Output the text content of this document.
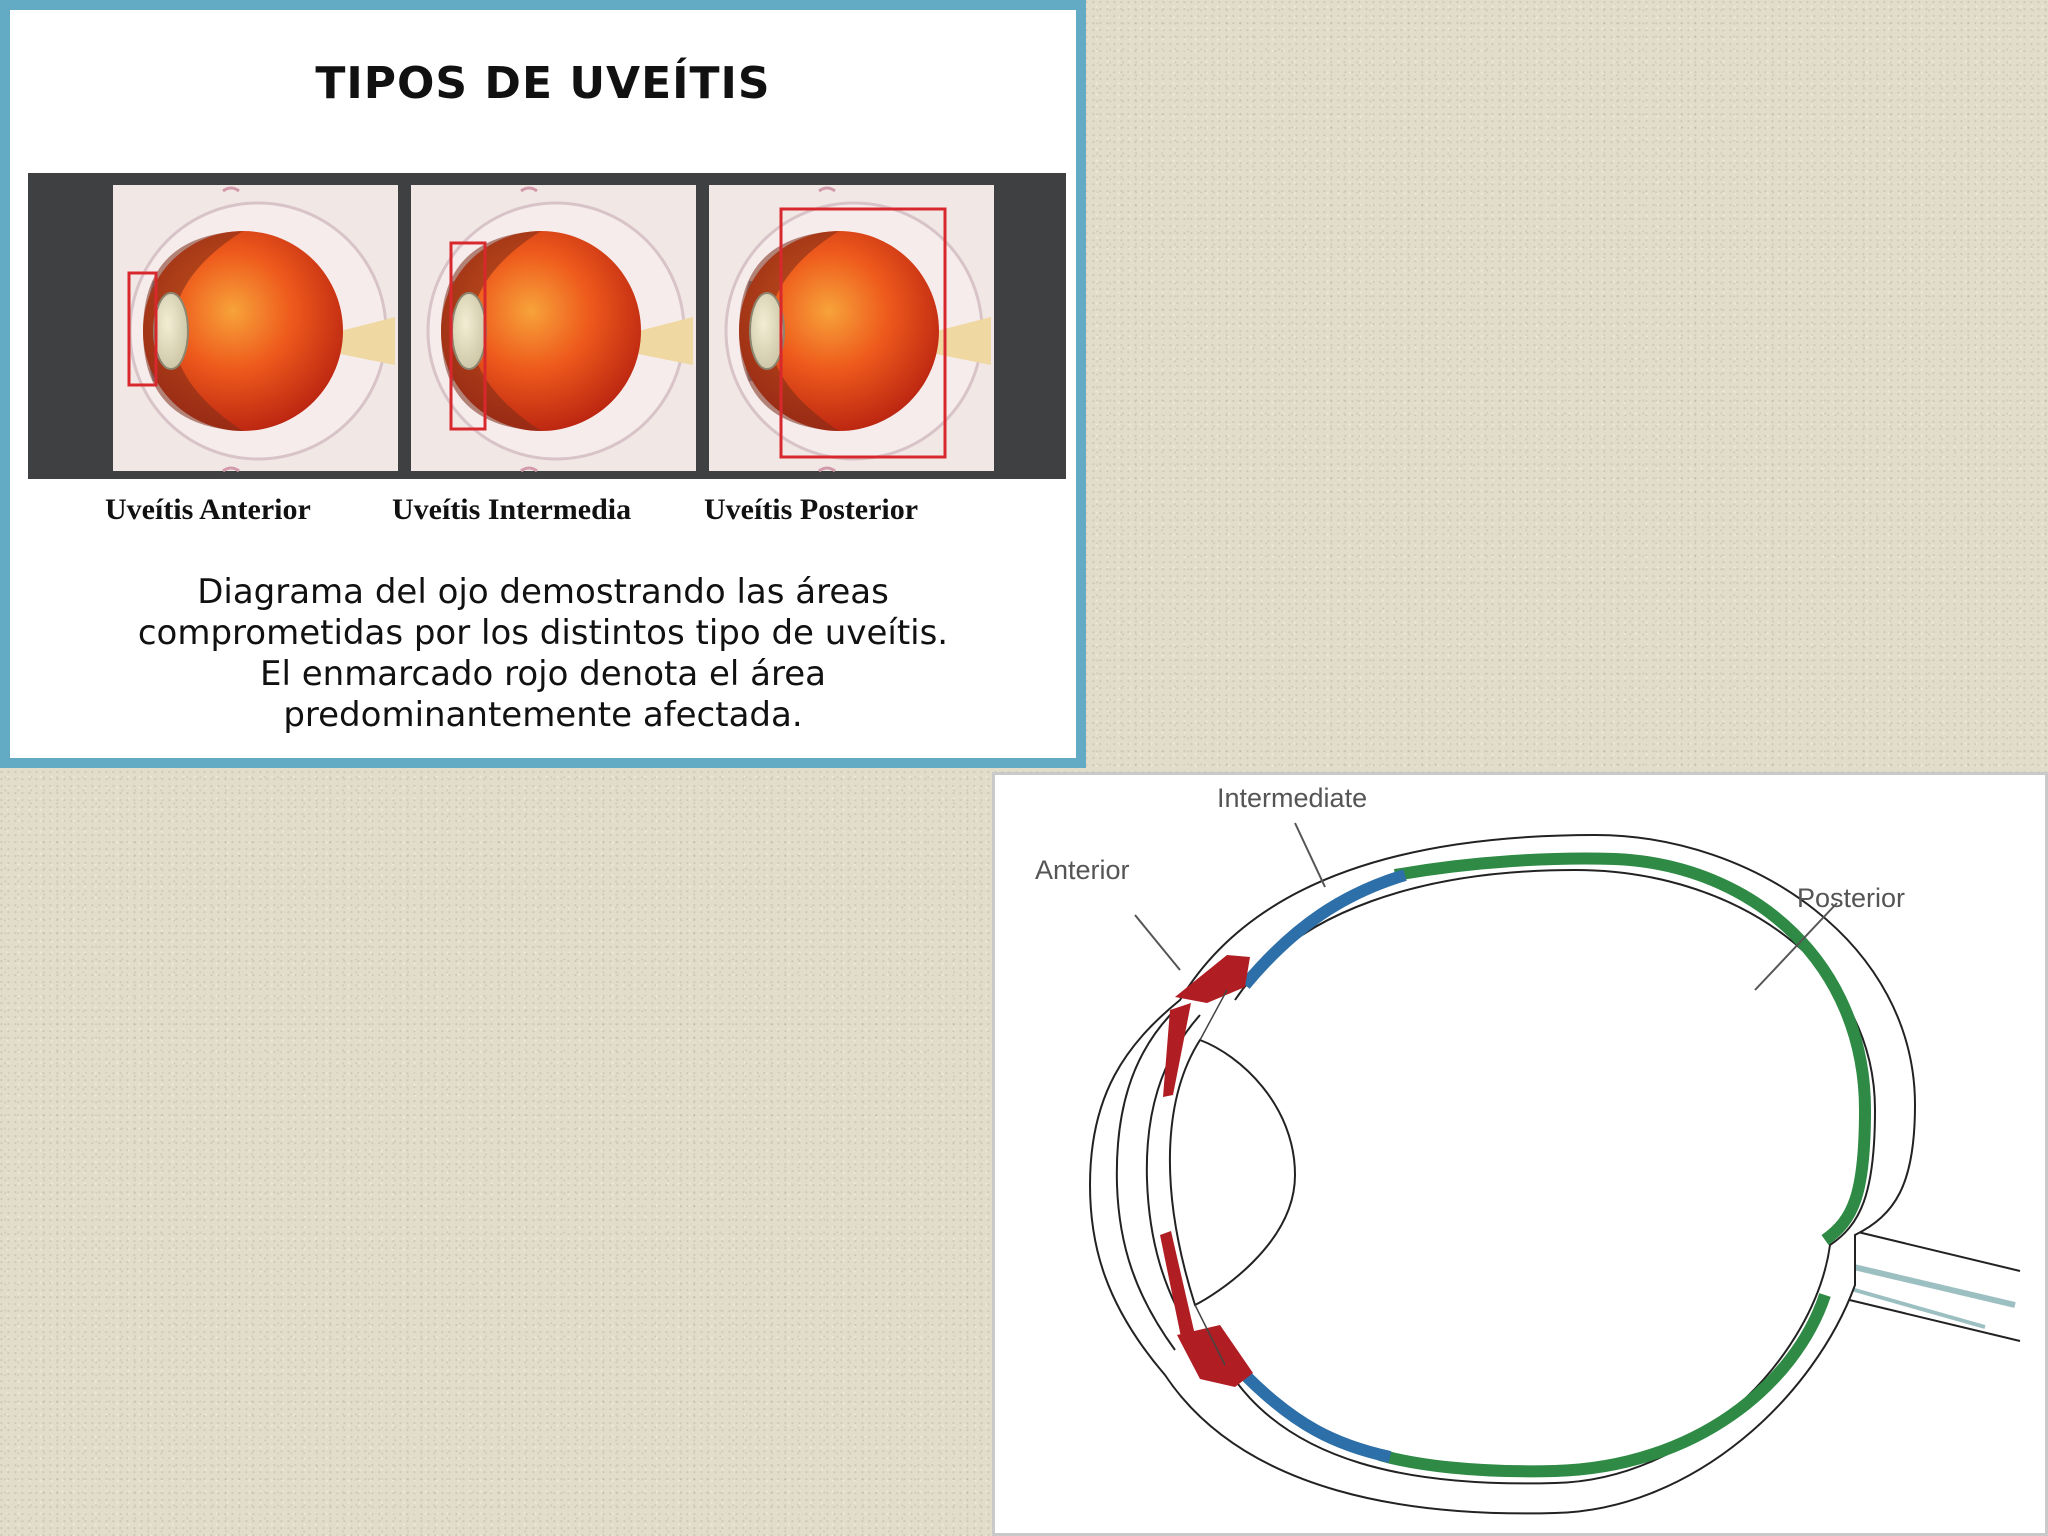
TIPOS DE UVEÍTIS
Uveítis Anterior	Uveítis Intermedia Uveítis Posterior
Diagrama del ojo demostrando las áreas
comprometidas por los distintos tipo de uveítis.
El enmarcado rojo denota el área
predominantemente afectada.
Intermediate
Anterior
Posterior
